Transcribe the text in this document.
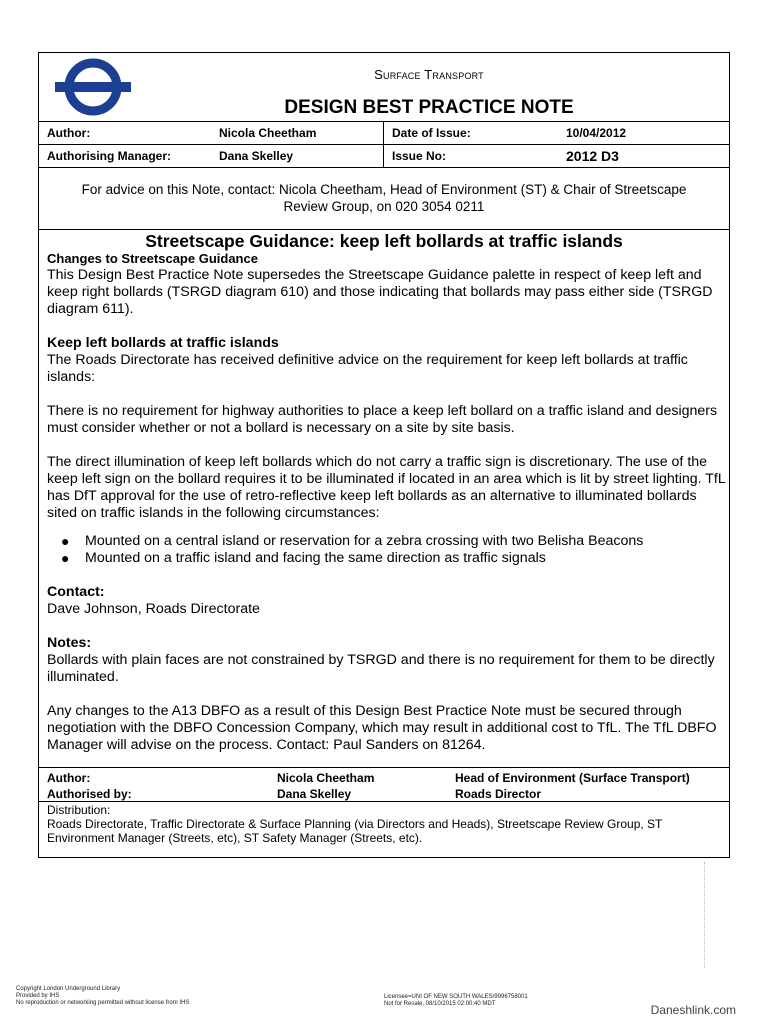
Surface Transport
DESIGN BEST PRACTICE NOTE
Author:	Nicola Cheetham	Date of Issue:	10/04/2012
Authorising Manager:	Dana Skelley	Issue No:	2012 D3
For advice on this Note, contact: Nicola Cheetham, Head of Environment (ST) & Chair of Streetscape
Review Group, on 020 3054 0211
Streetscape Guidance: keep left bollards at traffic islands

Changes to Streetscape Guidance

This Design Best Practice Note supersedes the Streetscape Guidance palette in respect of keep left and keep right bollards (TSRGD diagram 610) and those indicating that bollards may pass either side (TSRGD diagram 611).

Keep left bollards at traffic islands

The Roads Directorate has received definitive advice on the requirement for keep left bollards at traffic islands:

There is no requirement for highway authorities to place a keep left bollard on a traffic island and designers must consider whether or not a bollard is necessary on a site by site basis.

The direct illumination of keep left bollards which do not carry a traffic sign is discretionary. The use of the keep left sign on the bollard requires it to be illuminated if located in an area which is lit by street lighting. TfL has DfT approval for the use of retro-reflective keep left bollards as an alternative to illuminated bollards sited on traffic islands in the following circumstances:

● Mounted on a central island or reservation for a zebra crossing with two Belisha Beacons
● Mounted on a traffic island and facing the same direction as traffic signals

Contact:

Dave Johnson, Roads Directorate

Notes:

Bollards with plain faces are not constrained by TSRGD and there is no requirement for them to be directly illuminated.

Any changes to the A13 DBFO as a result of this Design Best Practice Note must be secured through negotiation with the DBFO Concession Company, which may result in additional cost to TfL. The TfL DBFO Manager will advise on the process. Contact: Paul Sanders on 81264.

Author:	Nicola Cheetham	Head of Environment (Surface Transport)
Authorised by:	Dana Skelley	Roads Director
Distribution:
Roads Directorate, Traffic Directorate & Surface Planning (via Directors and Heads), Streetscape Review Group, ST Environment Manager (Streets, etc), ST Safety Manager (Streets, etc).
Copyright London Underground Library
Provided by IHS
No reproduction or networking permitted without license from IHS
Licensee=UNI OF NEW SOUTH WALES/9996758001
Not for Resale, 08/10/2015 02:00:40 MDT	Daneshlink.com
